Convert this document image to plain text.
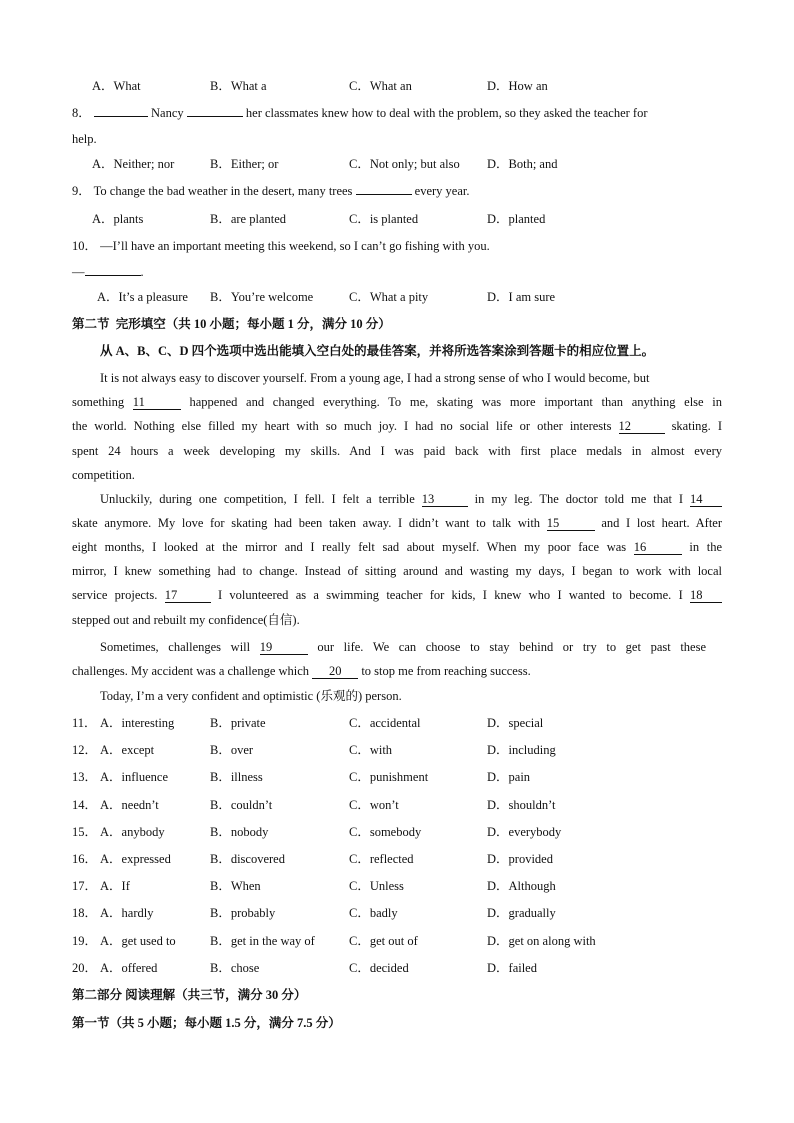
A．What	B．What a	C．What an	D．How an
8．	Nancy	her classmates knew how to deal with the problem, so they asked the teacher for
help.
A．Neither; nor	B．Either; or	C．Not only; but also D．Both; and
9． To change the bad weather in the desert, many trees	every year.
A．plants	B．are planted	C．is planted	D．planted
10． —I’ll have an important meeting this weekend, so I can’t go fishing with you.
—	.
A．It’s a pleasure B．You’re welcome	C．What a pity	D．I am sure
第二节 完形填空（共 10 小题；每小题 1 分，满分 10 分）
从 A、B、C、D 四个选项中选出能填入空白处的最佳答案，并将所选答案涂到答题卡的相应位置上。
It is not always easy to discover yourself. From a young age, I had a strong sense of who I would become, but
something 11	happened and changed everything. To me, skating was more important than anything else in
the world. Nothing else filled my heart with so much joy. I had no social life or other interests 12	skating. I
spent 24 hours a week developing my skills. And I was paid back with first place medals in almost every
competition.
Unluckily, during one competition, I fell. I felt a terrible 13	in my leg. The doctor told me that I 14
skate anymore. My love for skating had been taken away. I didn’t want to talk with 15	and I lost heart. After
eight months, I looked at the mirror and I really felt sad about myself. When my poor face was 16	in the
mirror, I knew something had to change. Instead of sitting around and wasting my days, I began to work with local
service projects. 17	I volunteered as a swimming teacher for kids, I knew who I wanted to become. I 18
stepped out and rebuilt my confidence(自信).
Sometimes, challenges will 19	our life. We can choose to stay behind or try to get past these
challenges. My accident was a challenge which 20 to stop me from reaching success.
Today, I’m a very confident and optimistic (乐观的) person.
11． A．interesting	B．private	C．accidental	D．special
12． A．except	B．over	C．with	D．including
13． A．influence	B．illness	C．punishment	D．pain
14． A．needn’t	B．couldn’t	C．won’t	D．shouldn’t
15． A．anybody	B．nobody	C．somebody	D．everybody
16． A．expressed	B．discovered	C．reflected	D．provided
17． A．If	B．When	C．Unless	D．Although
18． A．hardly	B．probably	C．badly	D．gradually
19． A．get used to	B．get in the way of	C．get out of	D．get on along with
20． A．offered	B．chose	C．decided	D．failed
第二部分 阅读理解（共三节，满分 30 分）
第一节（共 5 小题；每小题 1.5 分，满分 7.5 分）
